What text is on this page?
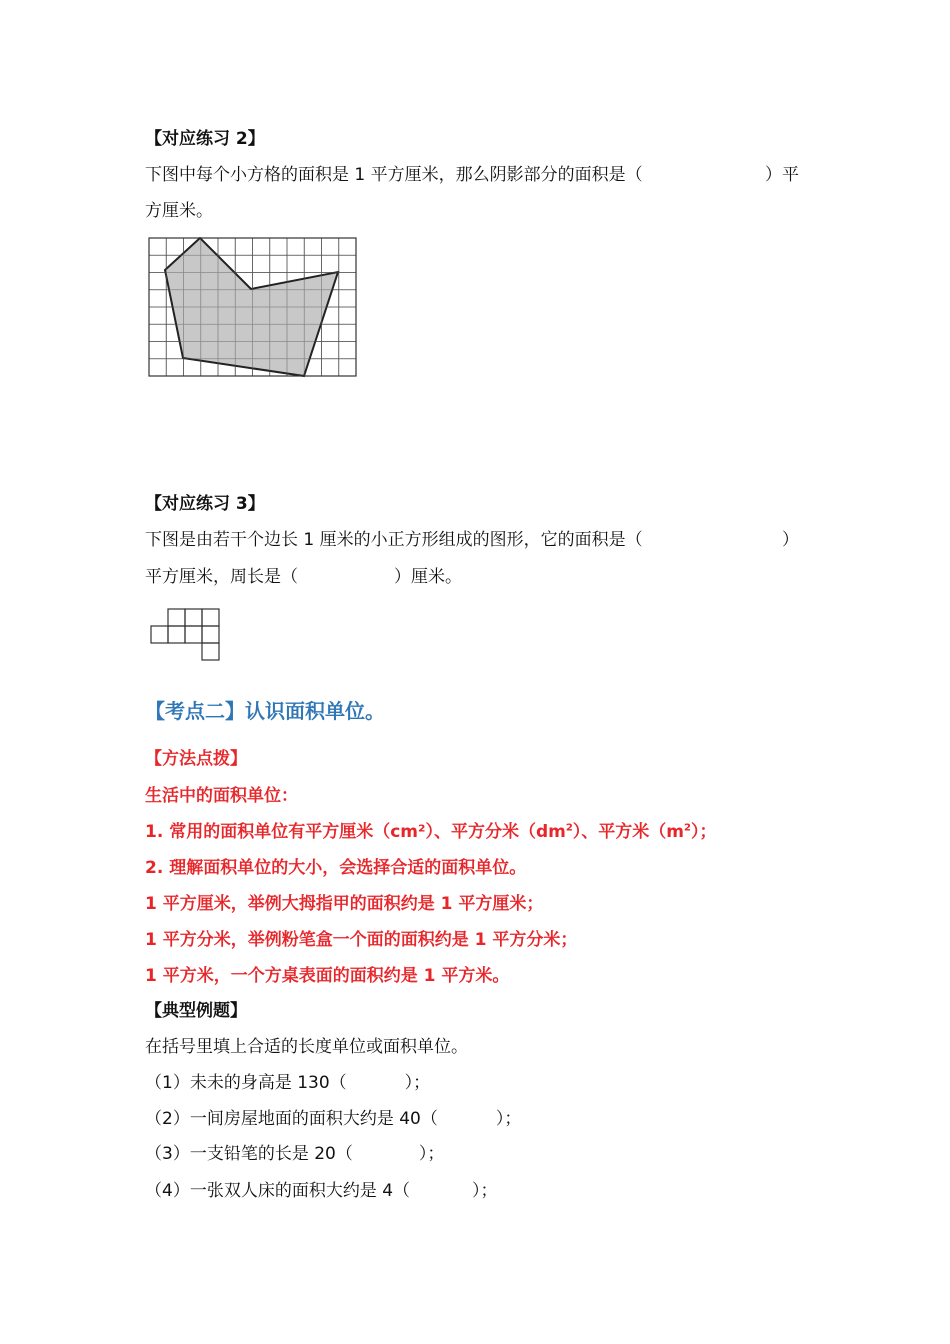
【对应练习 2】
下图中每个小方格的面积是 1 平方厘米，那么阴影部分的面积是（	）平
方厘米。
【对应练习 3】
下图是由若干个边长 1 厘米的小正方形组成的图形，它的面积是（	）
平方厘米，周长是（	）厘米。
【考点二】认识面积单位。
【方法点拨】
生活中的面积单位：
1. 常用的面积单位有平方厘米（cm²）、平方分米$(dm^2)$、平方米$(m^2)$；
2. 理解面积单位的大小，会选择合适的面积单位。
1 平方厘米，举例大拇指甲的面积约是 1 平方厘米；
1 平方分米，举例粉笔盒一个面的面积约是 1 平方分米；
1 平方米，一个方桌表面的面积约是 1 平方米。
【典型例题】
在括号里填上合适的长度单位或面积单位。
（1）未未的身高是 130（	）；
（2）一间房屋地面的面积大约是 40（	）；
（3）一支铅笔的长是 20（	）；
（4）一张双人床的面积大约是 4（	）；
